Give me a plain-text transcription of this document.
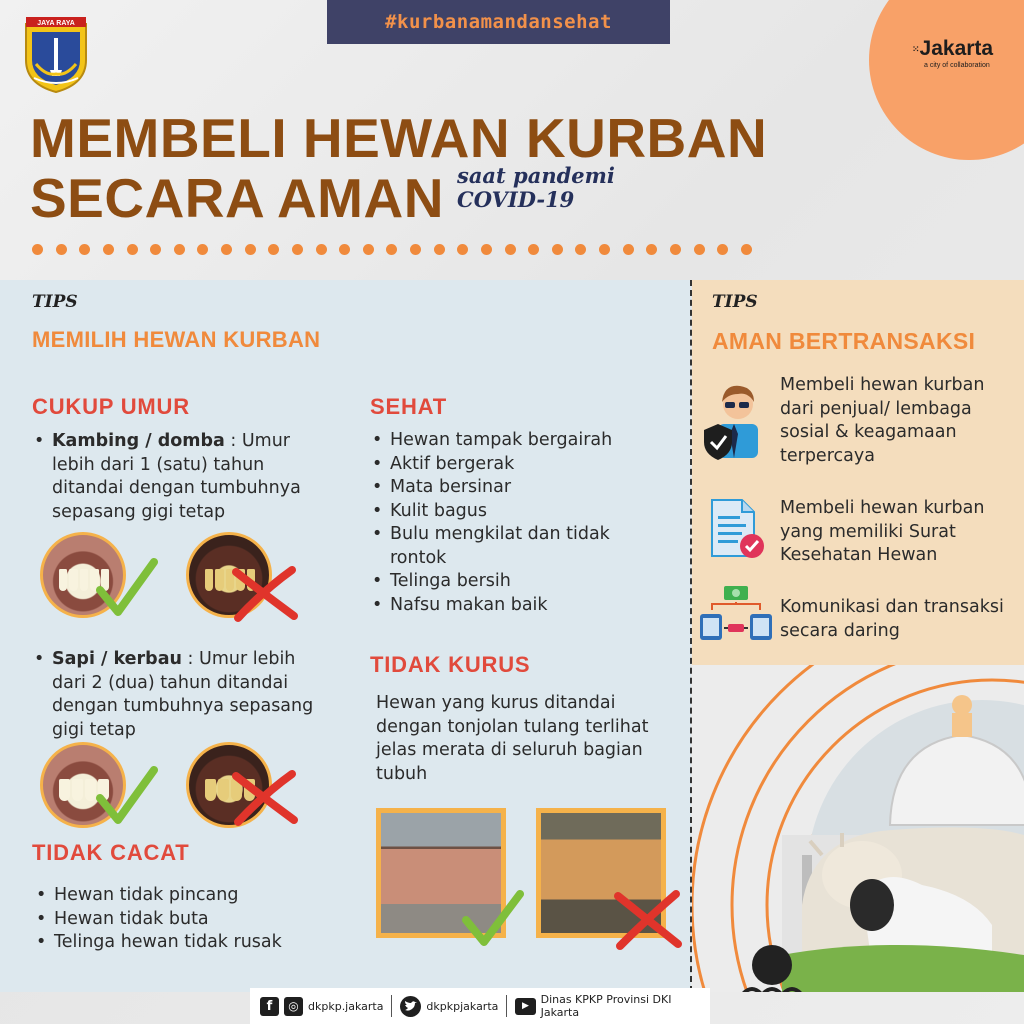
JAYA RAYA	#kurbanamandansehat
⁙ Jakarta
a city of collaboration
MEMBELI HEWAN KURBAN
SECARA AMAN saat pandemi
COVID-19
TIPS
MEMILIH HEWAN KURBAN
CUKUP UMUR
• Kambing / domba : Umur lebih dari 1 (satu) tahun ditandai dengan tumbuhnya sepasang gigi tetap
• Sapi / kerbau : Umur lebih dari 2 (dua) tahun ditandai dengan tumbuhnya sepasang gigi tetap
TIDAK CACAT
• Hewan tidak pincang
• Hewan tidak buta
• Telinga hewan tidak rusak
SEHAT
• Hewan tampak bergairah
• Aktif bergerak
• Mata bersinar
• Kulit bagus
• Bulu mengkilat dan tidak rontok
• Telinga bersih
• Nafsu makan baik
TIDAK KURUS
Hewan yang kurus ditandai dengan tonjolan tulang terlihat jelas merata di seluruh bagian tubuh
TIPS
AMAN BERTRANSAKSI
Membeli hewan kurban dari penjual/ lembaga sosial & keagamaan terpercaya
Membeli hewan kurban yang memiliki Surat Kesehatan Hewan
Komunikasi dan transaksi secara daring
f	◎ dkpkp.jakarta	dkpkpjakarta	▶	Dinas KPKP Provinsi DKI Jakarta
